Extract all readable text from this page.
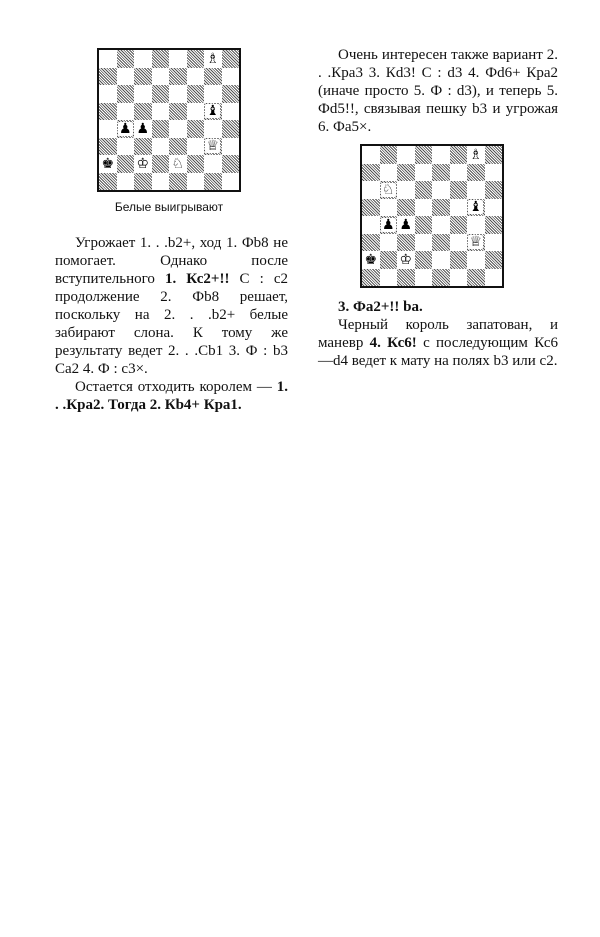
♗
♝
♟ ♟
♕
♚ ♔ ♘
Белые выигрывают

Угрожает 1. . .b2+, ход 1. Фb8 не помогает. Однако после вступительного 1. Кс2+!! С : с2 продолжение 2. Фb8 решает, поскольку на 2. . .b2+ белые забирают слона. К тому же результату ведет 2. . .Сb1 3. Ф : b3 Са2 4. Ф : с3×.

Остается отходить королем — 1. . .Кра2. Тогда 2. Кb4+ Кра1.

Очень интересен также вариант 2. . .Кра3 3. Кd3! С : d3 4. Фd6+ Кра2 (иначе просто 5. Ф : d3), и теперь 5. Фd5!!, связывая пешку b3 и угрожая 6. Фа5×.

♗
♘
♝
♟ ♟
♕
♚ ♔

3. Фа2+!! bа.

Черный король запатован, и маневр 4. Кс6! с последующим Кс6—d4 ведет к мату на полях b3 или с2.
